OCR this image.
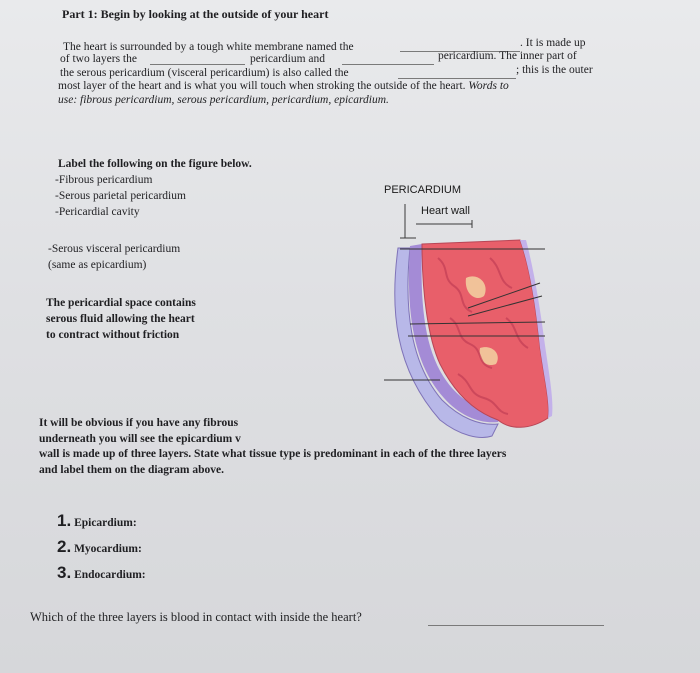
Part 1: Begin by looking at the outside of your heart
The heart is surrounded by a tough white membrane named the	. It is made up
of two layers the	pericardium and	pericardium. The inner part of
the serous pericardium (visceral pericardium) is also called the	; this is the outer
most layer of the heart and is what you will touch when stroking the outside of the heart. Words to
use: fibrous pericardium, serous pericardium, pericardium, epicardium.
Label the following on the figure below.
-Fibrous pericardium
-Serous parietal pericardium
-Pericardial cavity
-Serous visceral pericardium
(same as epicardium)
The pericardial space contains
serous fluid allowing the heart
to contract without friction
PERICARDIUM
Heart wall
It will be obvious if you have any fibrous
underneath you will see the epicardium v
wall is made up of three layers. State what tissue type is predominant in each of the three layers
and label them on the diagram above.
1. Epicardium:
2. Myocardium:
3. Endocardium:
Which of the three layers is blood in contact with inside the heart?
